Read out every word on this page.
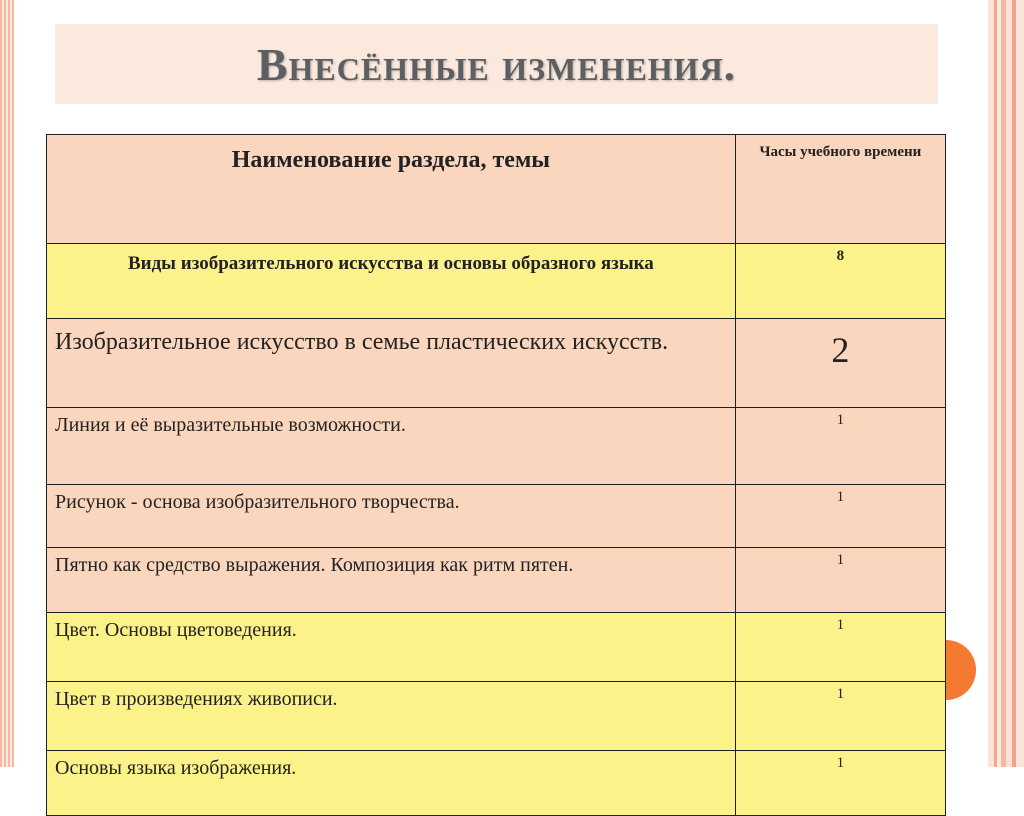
Внесённые изменения.
Наименование раздела, темы	Часы учебного времени
Виды изобразительного искусства и основы образного языка	8
Изобразительное искусство в семье пластических искусств.	2
Линия и её выразительные возможности.	1
Рисунок - основа изобразительного творчества.	1
Пятно как средство выражения. Композиция как ритм пятен.	1
Цвет. Основы цветоведения.	1
Цвет в произведениях живописи.	1
Основы языка изображения.	1
